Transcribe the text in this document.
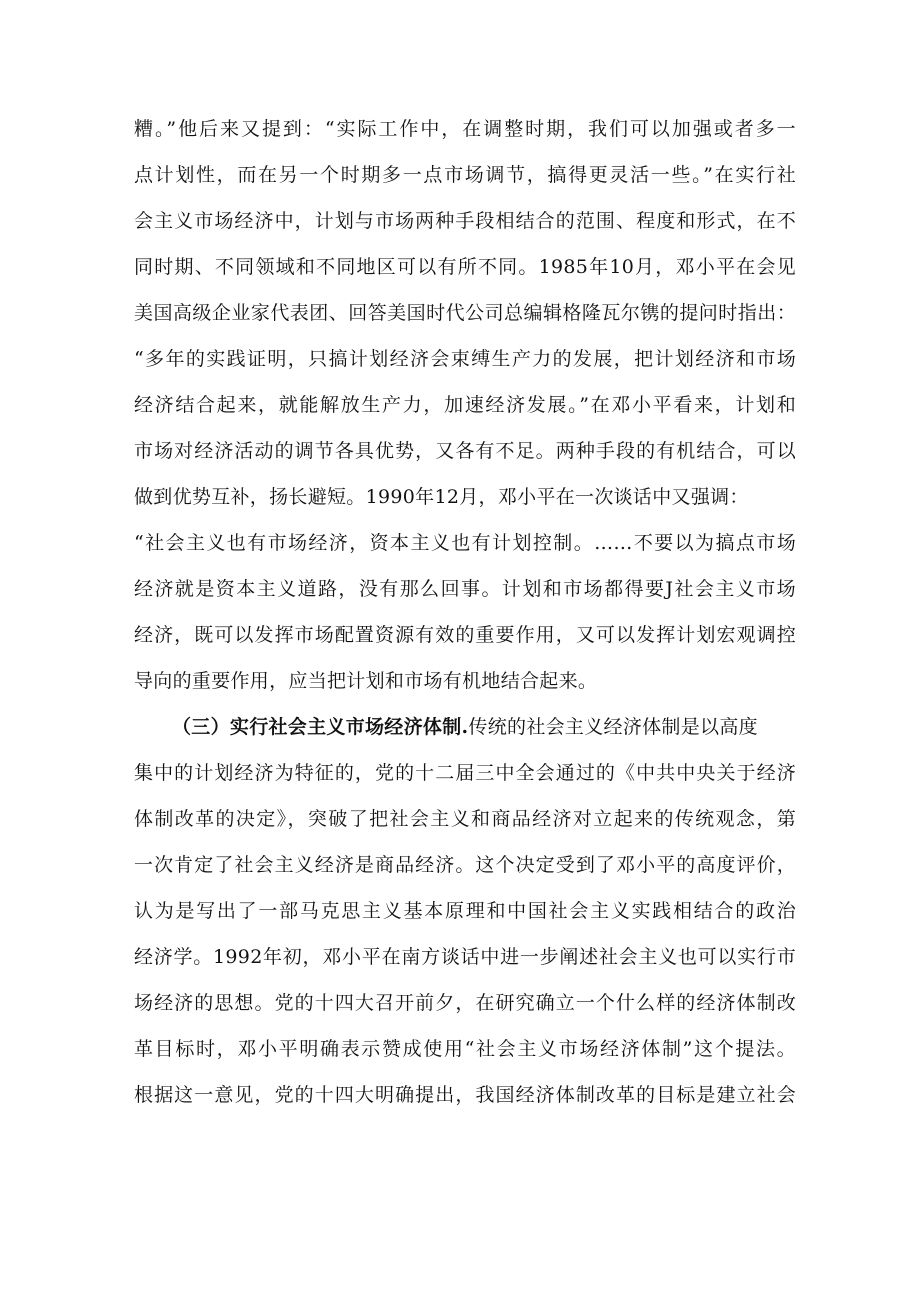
糟。”他后来又提到：“实际工作中，在调整时期，我们可以加强或者多一
点计划性，而在另一个时期多一点市场调节，搞得更灵活一些。”在实行社
会主义市场经济中，计划与市场两种手段相结合的范围、程度和形式，在不
同时期、不同领域和不同地区可以有所不同。1985年10月，邓小平在会见
美国高级企业家代表团、回答美国时代公司总编辑格隆瓦尔镌的提问时指出：
“多年的实践证明，只搞计划经济会束缚生产力的发展，把计划经济和市场
经济结合起来，就能解放生产力，加速经济发展。”在邓小平看来，计划和
市场对经济活动的调节各具优势，又各有不足。两种手段的有机结合，可以
做到优势互补，扬长避短。1990年12月，邓小平在一次谈话中又强调：
“社会主义也有市场经济，资本主义也有计划控制。……不要以为搞点市场
经济就是资本主义道路，没有那么回事。计划和市场都得要J社会主义市场
经济，既可以发挥市场配置资源有效的重要作用，又可以发挥计划宏观调控
导向的重要作用，应当把计划和市场有机地结合起来。
（三）实行社会主义市场经济体制.传统的社会主义经济体制是以高度
集中的计划经济为特征的，党的十二届三中全会通过的《中共中央关于经济
体制改革的决定》，突破了把社会主义和商品经济对立起来的传统观念，第
一次肯定了社会主义经济是商品经济。这个决定受到了邓小平的高度评价，
认为是写出了一部马克思主义基本原理和中国社会主义实践相结合的政治
经济学。1992年初，邓小平在南方谈话中进一步阐述社会主义也可以实行市
场经济的思想。党的十四大召开前夕，在研究确立一个什么样的经济体制改
革目标时，邓小平明确表示赞成使用“社会主义市场经济体制”这个提法。
根据这一意见，党的十四大明确提出，我国经济体制改革的目标是建立社会
